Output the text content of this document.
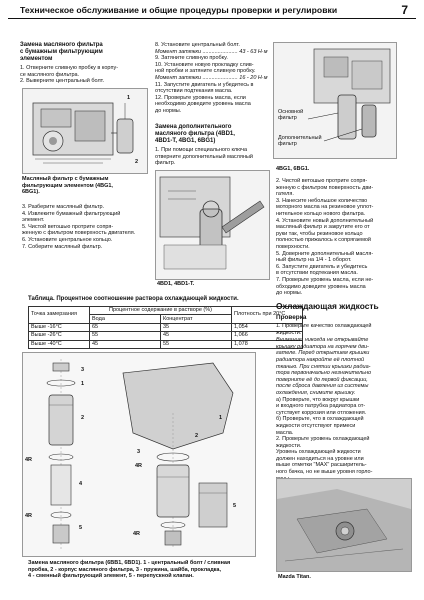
Техническое обслуживание и общие процедуры проверки и регулировки	7
Замена масляного фильтра
с бумажным фильтрующим
элементом
1. Отверните сливную пробку в корпу-
се масляного фильтра.
2. Выверните центральный болт.
1
2
Масляный фильтр с бумажным
фильтрующим элементом (4BG1,
6BG1).
3. Разберите масляный фильтр.
4. Извлеките бумажный фильтрующий
элемент.
5. Чистой ветошью протрите сопря-
женную с фильтром поверхность двигателя.
6. Установите центральное кольцо.
7. Соберите масляный фильтр.
8. Установите центральный болт.
Момент затяжки ....................... 43 - 63 Н·м
9. Затяните сливную пробку.
10. Установите новую прокладку слив-
ной пробки и затяните сливную пробку.
Момент затяжки ....................... 16 - 20 Н·м
11. Запустите двигатель и убедитесь в
отсутствии подтекания масла.
12. Проверьте уровень масла, если
необходимо доведите уровень масла
до нормы.
Замена дополнительного
масляного фильтра (4BD1,
4BD1-T, 4BG1, 6BG1)
1. При помощи специального ключа
отверните дополнительный масляный
фильтр.
4BD1, 4BD1-T.
Основной
фильтр
Дополнительный
фильтр
4BG1, 6BG1.
2. Чистой ветошью протрите сопря-
женную с фильтром поверхность дви-
гателя.
3. Нанесите небольшое количество
моторного масла на резиновое уплот-
нительное кольцо нового фильтра.
4. Установите новый дополнительный
масляный фильтр и закрутите его от
руки так, чтобы резиновое кольцо
полностью прижалось к сопрягаемой
поверхности.
5. Доверните дополнительный масля-
ный фильтр на 1/4 - 1 оборот.
6. Запустите двигатель и убедитесь
в отсутствии подтекания масла.
7. Проверьте уровень масла, если не-
обходимо доведите уровень масла
до нормы.
Таблица. Процентное соотношение раствора охлаждающей жидкости.
Точка замерзания	Процентное содержание в растворе (%)		Плотность при 20°С
	Вода	Концентрат	
Выше -16°С	65	35	1,054
Выше -26°С	55	45	1,066
Выше -40°С	45	55	1,078
3
1
2
4R
4
5
4R
1
2
3
4R
4R
5
Замена масляного фильтра (6BB1, 6BD1). 1 - центральный болт / сливная
пробка, 2 - корпус масляного фильтра, 3 - пружина, шайба, прокладка,
4 - сменный фильтрующий элемент, 5 - перепускной клапан.
Охлаждающая жидкость
Проверка
1. Проверьте качество охлаждающей
жидкости.
Внимание: никогда не открывайте
крышку радиатора на горячем дви-
гателе. Перед открытием крышки
радиатора накройте её плотной
тканью. При снятии крышки радиа-
тора первоначально незначительно
поверните её до первой фиксации,
после сброса давления из системы
охлаждения, снимите крышку.
а) Проверьте, что вокруг крышки
и входного патрубка радиатора от-
сутствует коррозия или отложения.
б) Проверьте, что в охлаждающей
жидкости отсутствуют примеси
масла.
2. Проверьте уровень охлаждающей
жидкости.
Уровень охлаждающей жидкости
должен находиться на уровне или
выше отметки "MAX" расширитель-
ного бачка, но не выше уровня горло-
Mazda Titan.
